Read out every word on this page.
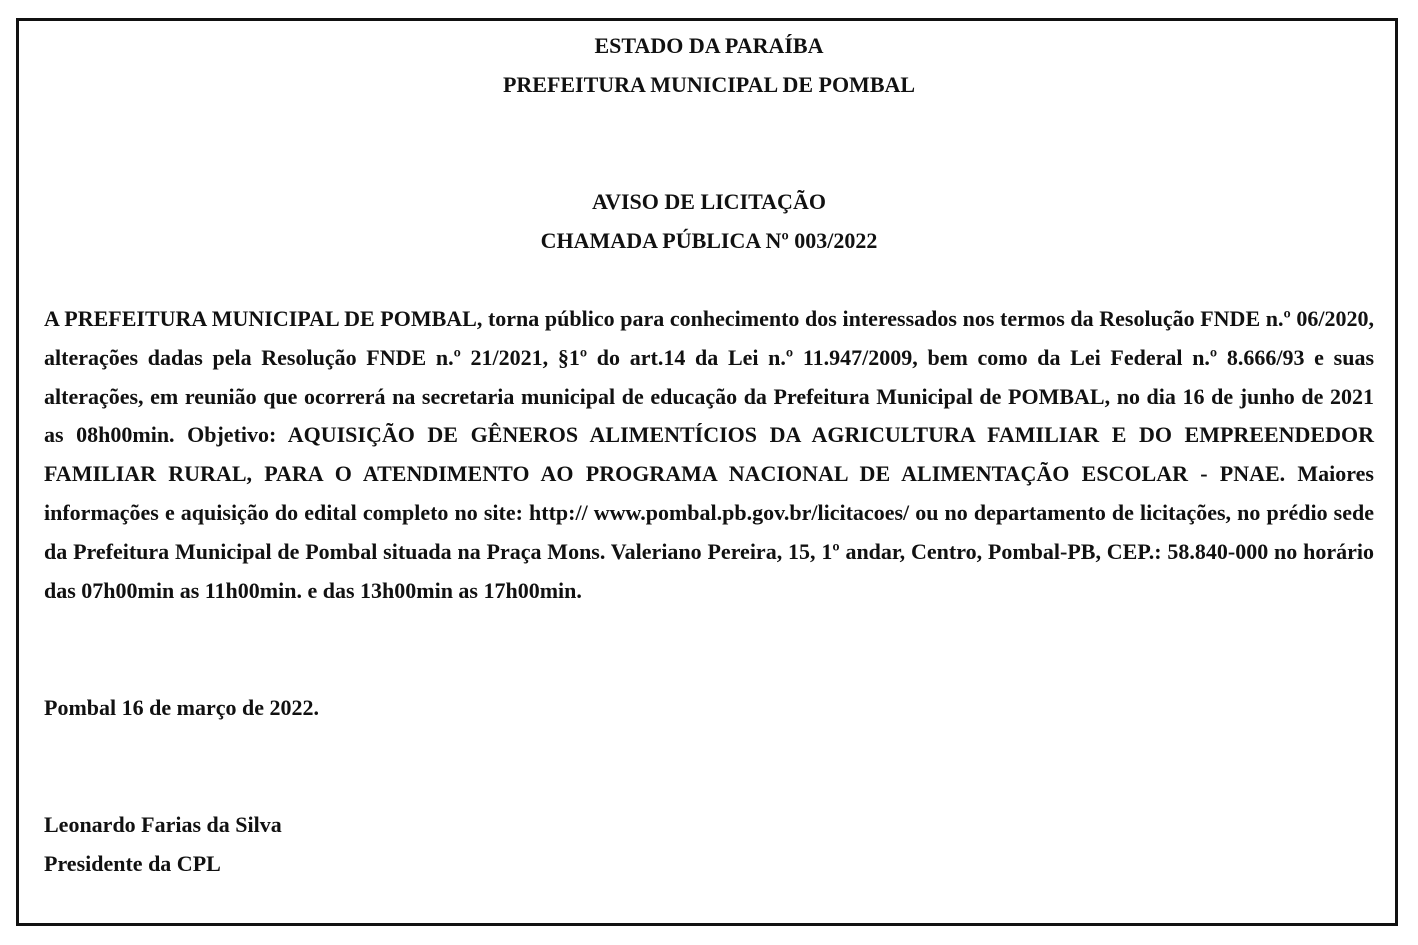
ESTADO DA PARAÍBA
PREFEITURA MUNICIPAL DE POMBAL
AVISO DE LICITAÇÃO
CHAMADA PÚBLICA Nº 003/2022

A PREFEITURA MUNICIPAL DE POMBAL, torna público para conhecimento dos interessados nos termos da Resolução FNDE n.º 06/2020, alterações dadas pela Resolução FNDE n.º 21/2021, §1º do art.14 da Lei n.º 11.947/2009, bem como da Lei Federal n.º 8.666/93 e suas alterações, em reunião que ocorrerá na secretaria municipal de educação da Prefeitura Municipal de POMBAL, no dia 16 de junho de 2021 as 08h00min. Objetivo: AQUISIÇÃO DE GÊNEROS ALIMENTÍCIOS DA AGRICULTURA FAMILIAR E DO EMPREENDEDOR FAMILIAR RURAL, PARA O ATENDIMENTO AO PROGRAMA NACIONAL DE ALIMENTAÇÃO ESCOLAR - PNAE. Maiores informações e aquisição do edital completo no site: http:// www.pombal.pb.gov.br/licitacoes/ ou no departamento de licitações, no prédio sede da Prefeitura Municipal de Pombal situada na Praça Mons. Valeriano Pereira, 15, 1º andar, Centro, Pombal-PB, CEP.: 58.840-000 no horário das 07h00min as 11h00min. e das 13h00min as 17h00min.

Pombal 16 de março de 2022.
Leonardo Farias da Silva
Presidente da CPL
